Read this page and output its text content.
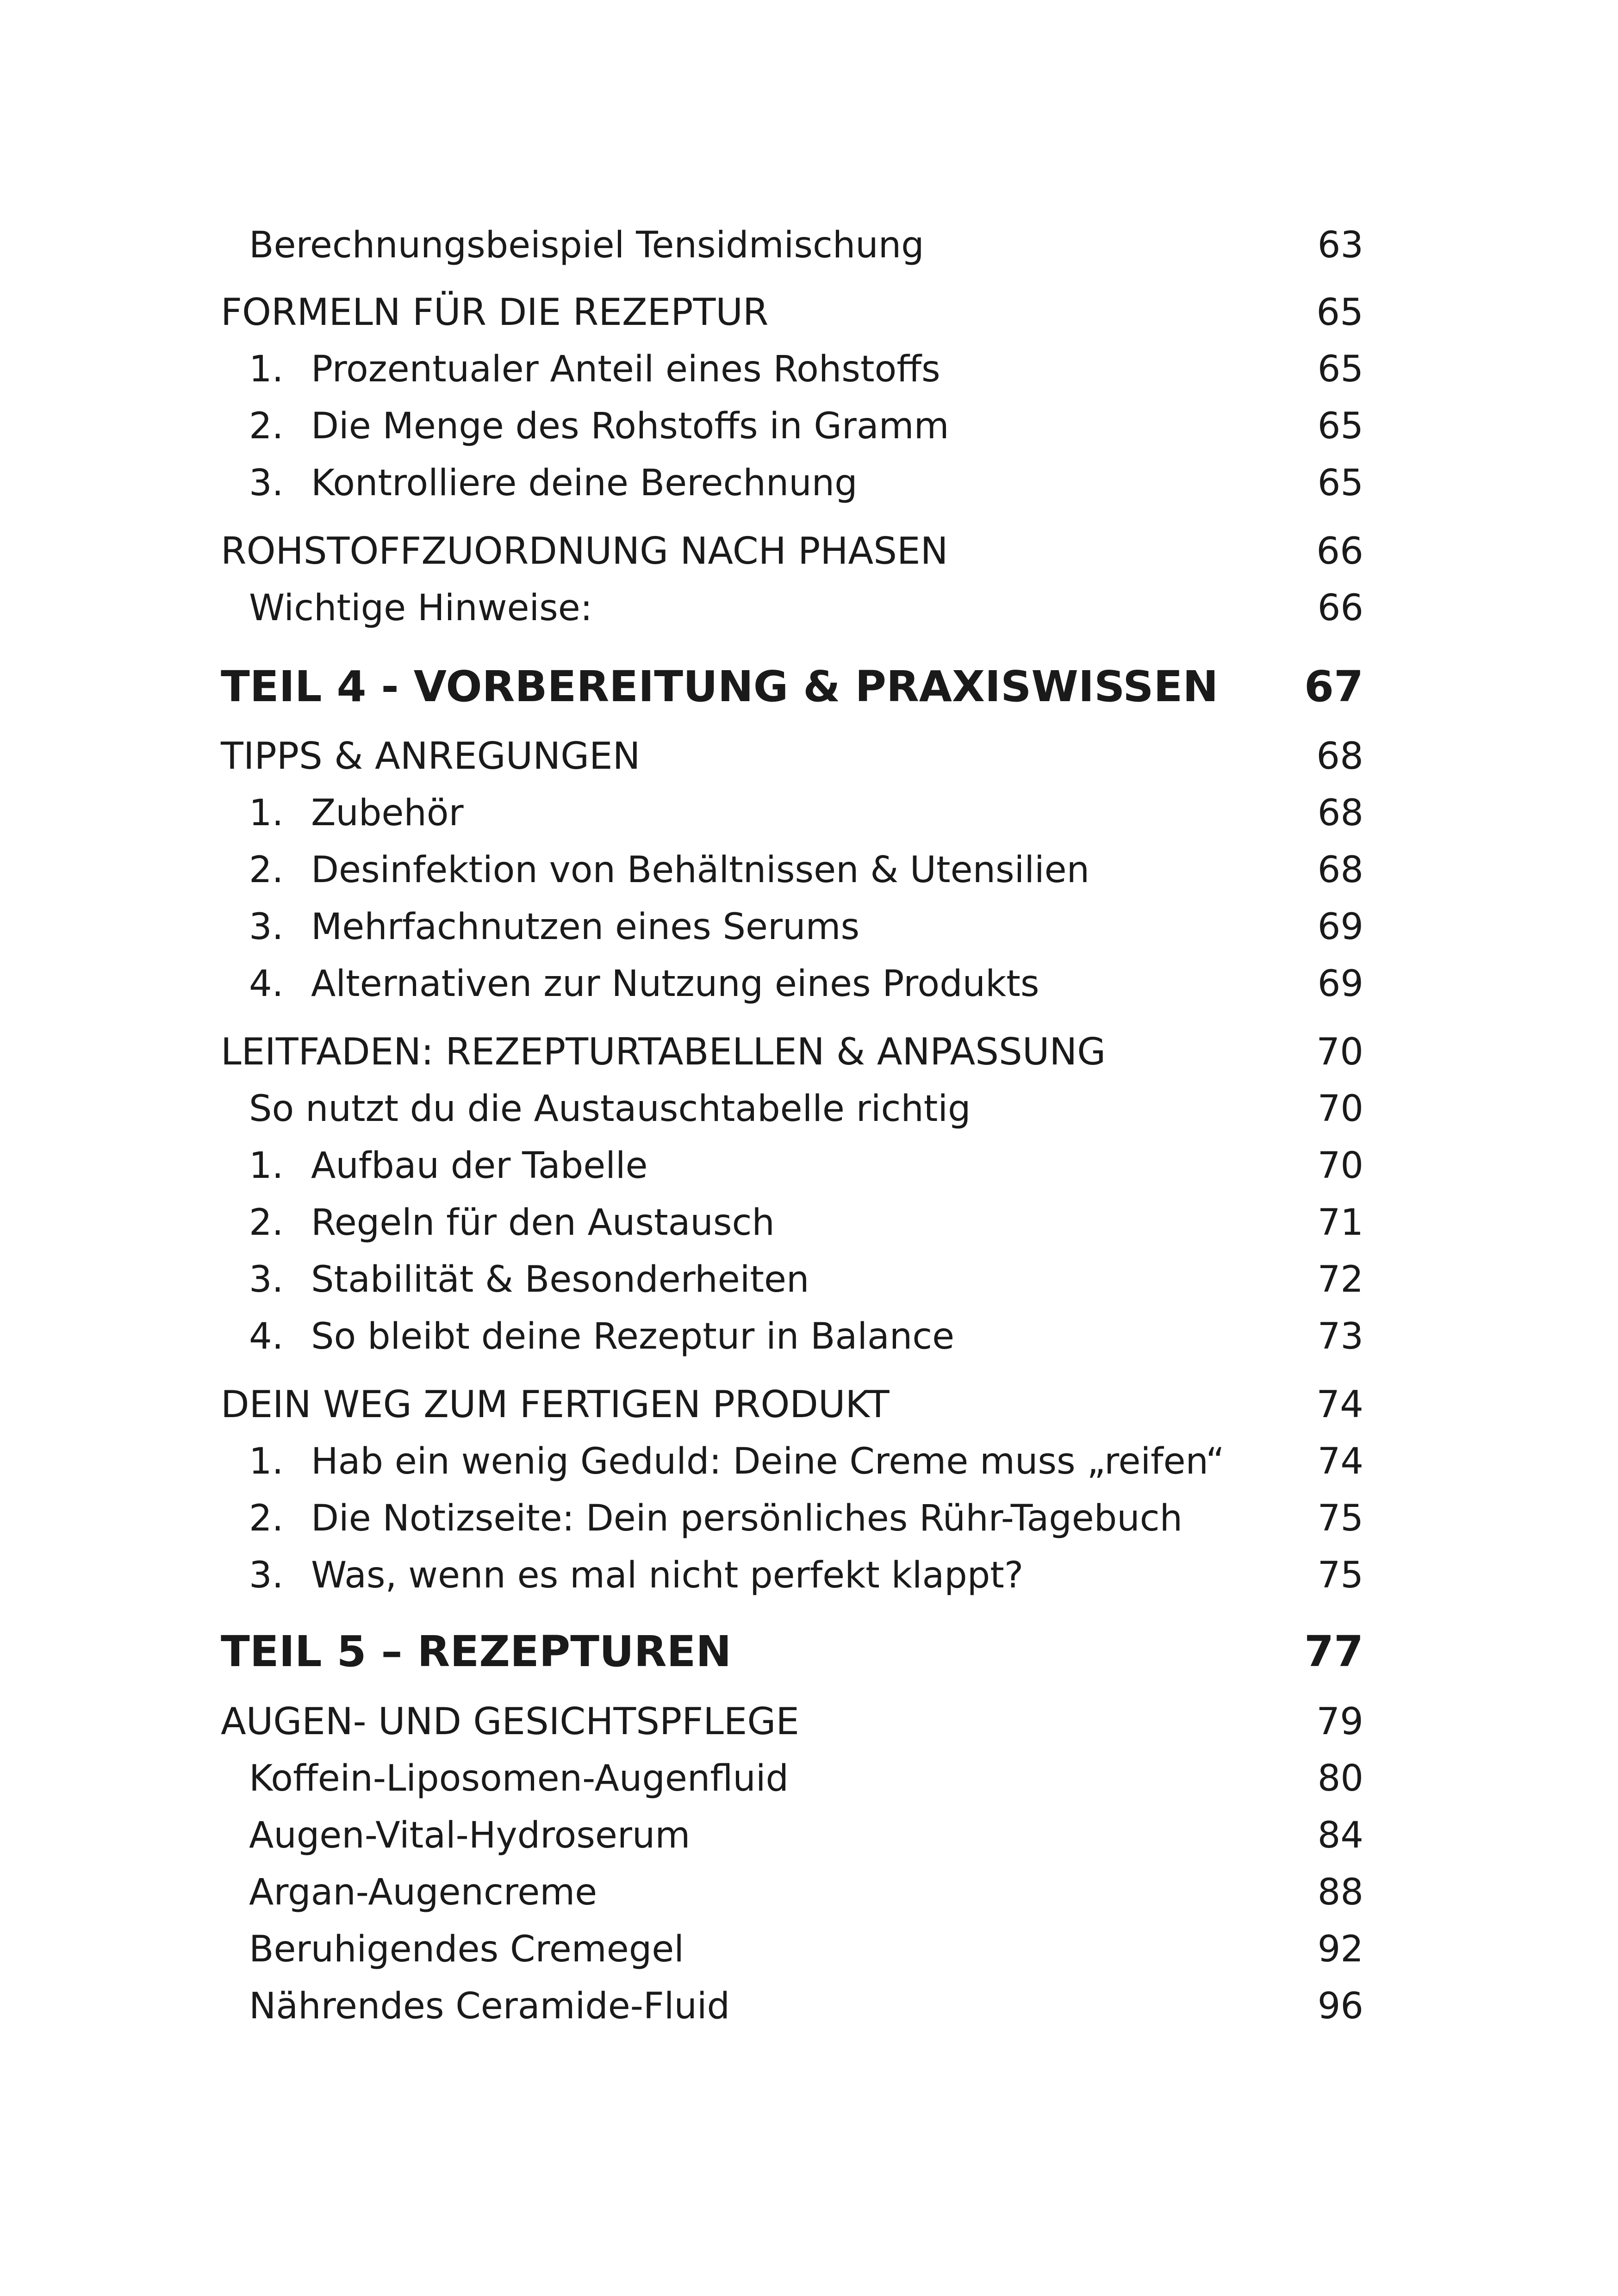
Berechnungsbeispiel Tensidmischung	63
FORMELN FÜR DIE REZEPTUR	65
1. Prozentualer Anteil eines Rohstoffs	65
2. Die Menge des Rohstoffs in Gramm	65
3. Kontrolliere deine Berechnung	65
ROHSTOFFZUORDNUNG NACH PHASEN	66
Wichtige Hinweise:	66
TEIL 4 - VORBEREITUNG & PRAXISWISSEN 67
TIPPS & ANREGUNGEN	68
1. Zubehör	68
2. Desinfektion von Behältnissen & Utensilien	68
3. Mehrfachnutzen eines Serums	69
4. Alternativen zur Nutzung eines Produkts	69
LEITFADEN: REZEPTURTABELLEN & ANPASSUNG	70
So nutzt du die Austauschtabelle richtig	70
1. Aufbau der Tabelle	70
2. Regeln für den Austausch	71
3. Stabilität & Besonderheiten	72
4. So bleibt deine Rezeptur in Balance	73
DEIN WEG ZUM FERTIGEN PRODUKT	74
1. Hab ein wenig Geduld: Deine Creme muss „reifen“	74
2. Die Notizseite: Dein persönliches Rühr-Tagebuch	75
3. Was, wenn es mal nicht perfekt klappt?	75
TEIL 5 – REZEPTUREN	77
AUGEN- UND GESICHTSPFLEGE	79
Koffein-Liposomen-Augenfluid	80
Augen-Vital-Hydroserum	84
Argan-Augencreme	88
Beruhigendes Cremegel	92
Nährendes Ceramide-Fluid	96
